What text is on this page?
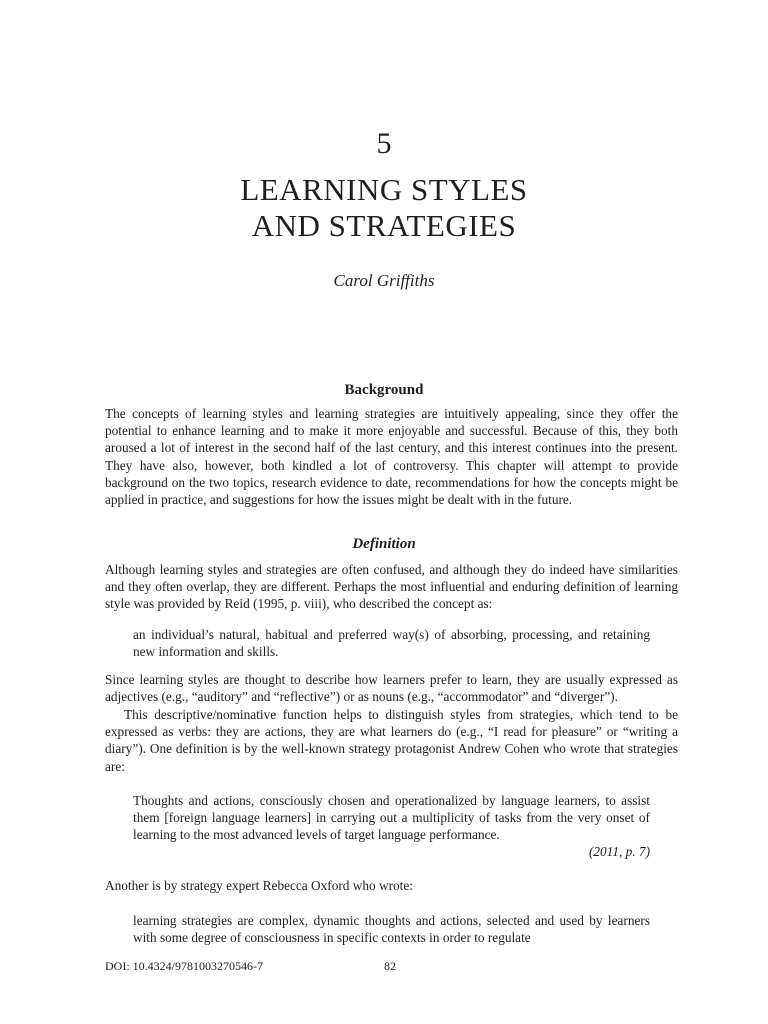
5
LEARNING STYLES
AND STRATEGIES
Carol Griffiths
Background

The concepts of learning styles and learning strategies are intuitively appealing, since they offer the potential to enhance learning and to make it more enjoyable and successful. Because of this, they both aroused a lot of interest in the second half of the last century, and this interest continues into the present. They have also, however, both kindled a lot of controversy. This chapter will attempt to provide background on the two topics, research evidence to date, recommendations for how the concepts might be applied in practice, and suggestions for how the issues might be dealt with in the future.

Definition

Although learning styles and strategies are often confused, and although they do indeed have similarities and they often overlap, they are different. Perhaps the most influential and enduring definition of learning style was provided by Reid (1995, p. viii), who described the concept as:

an individual’s natural, habitual and preferred way(s) of absorbing, processing, and retaining new information and skills.

Since learning styles are thought to describe how learners prefer to learn, they are usually expressed as adjectives (e.g., “auditory” and “reflective”) or as nouns (e.g., “accommodator” and “diverger”).

This descriptive/nominative function helps to distinguish styles from strategies, which tend to be expressed as verbs: they are actions, they are what learners do (e.g., “I read for pleasure” or “writing a diary”). One definition is by the well-known strategy protagonist Andrew Cohen who wrote that strategies are:

Thoughts and actions, consciously chosen and operationalized by language learners, to assist them [foreign language learners] in carrying out a multiplicity of tasks from the very onset of learning to the most advanced levels of target language performance.

(2011, p. 7)

Another is by strategy expert Rebecca Oxford who wrote:

learning strategies are complex, dynamic thoughts and actions, selected and used by learners with some degree of consciousness in specific contexts in order to regulate

DOI: 10.4324/9781003270546-7	82
